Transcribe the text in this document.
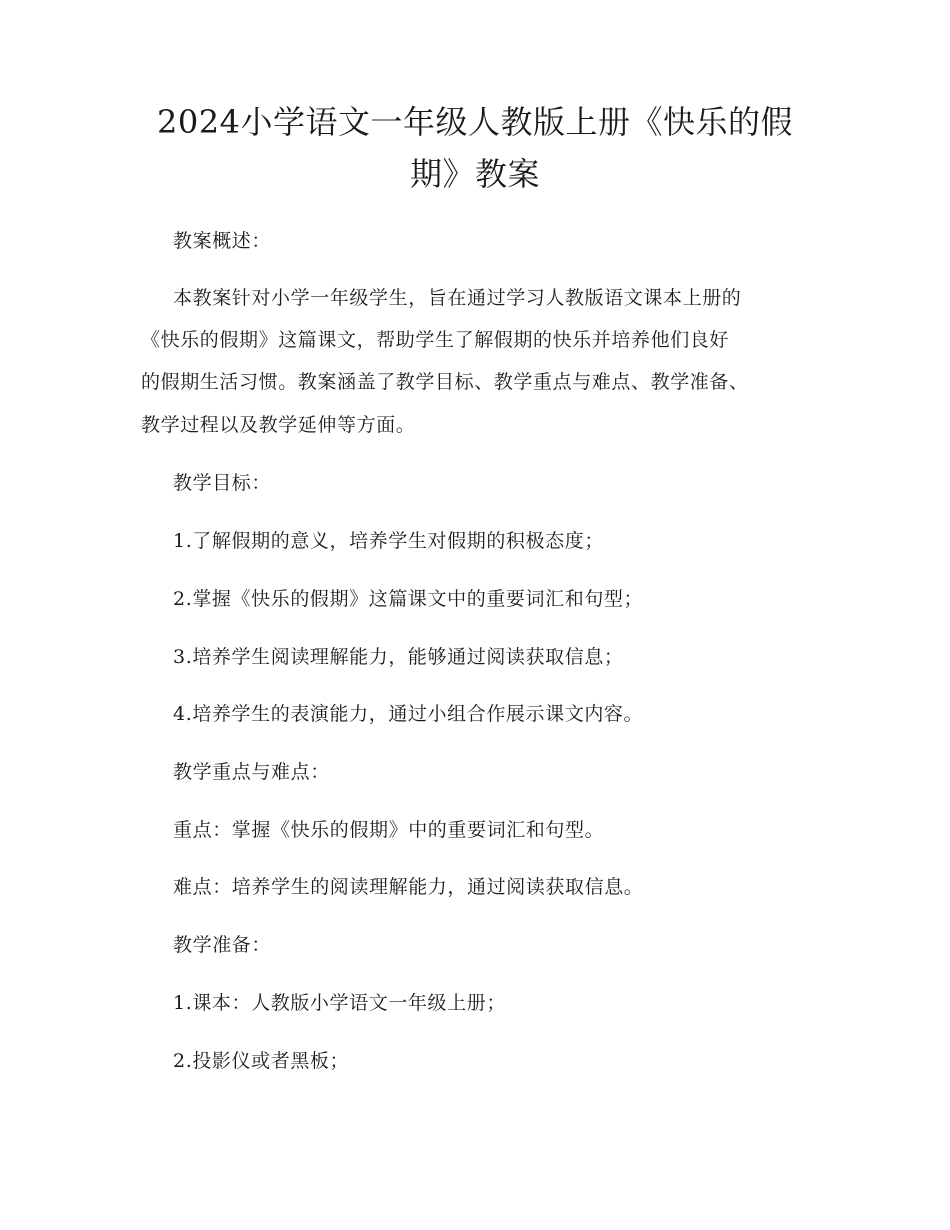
2024小学语文一年级人教版上册《快乐的假
期》教案
教案概述：
本教案针对小学一年级学生，旨在通过学习人教版语文课本上册的
《快乐的假期》这篇课文，帮助学生了解假期的快乐并培养他们良好
的假期生活习惯。教案涵盖了教学目标、教学重点与难点、教学准备、
教学过程以及教学延伸等方面。
教学目标：
1.了解假期的意义，培养学生对假期的积极态度；
2.掌握《快乐的假期》这篇课文中的重要词汇和句型；
3.培养学生阅读理解能力，能够通过阅读获取信息；
4.培养学生的表演能力，通过小组合作展示课文内容。
教学重点与难点：
重点：掌握《快乐的假期》中的重要词汇和句型。
难点：培养学生的阅读理解能力，通过阅读获取信息。
教学准备：
1.课本：人教版小学语文一年级上册；
2.投影仪或者黑板；
